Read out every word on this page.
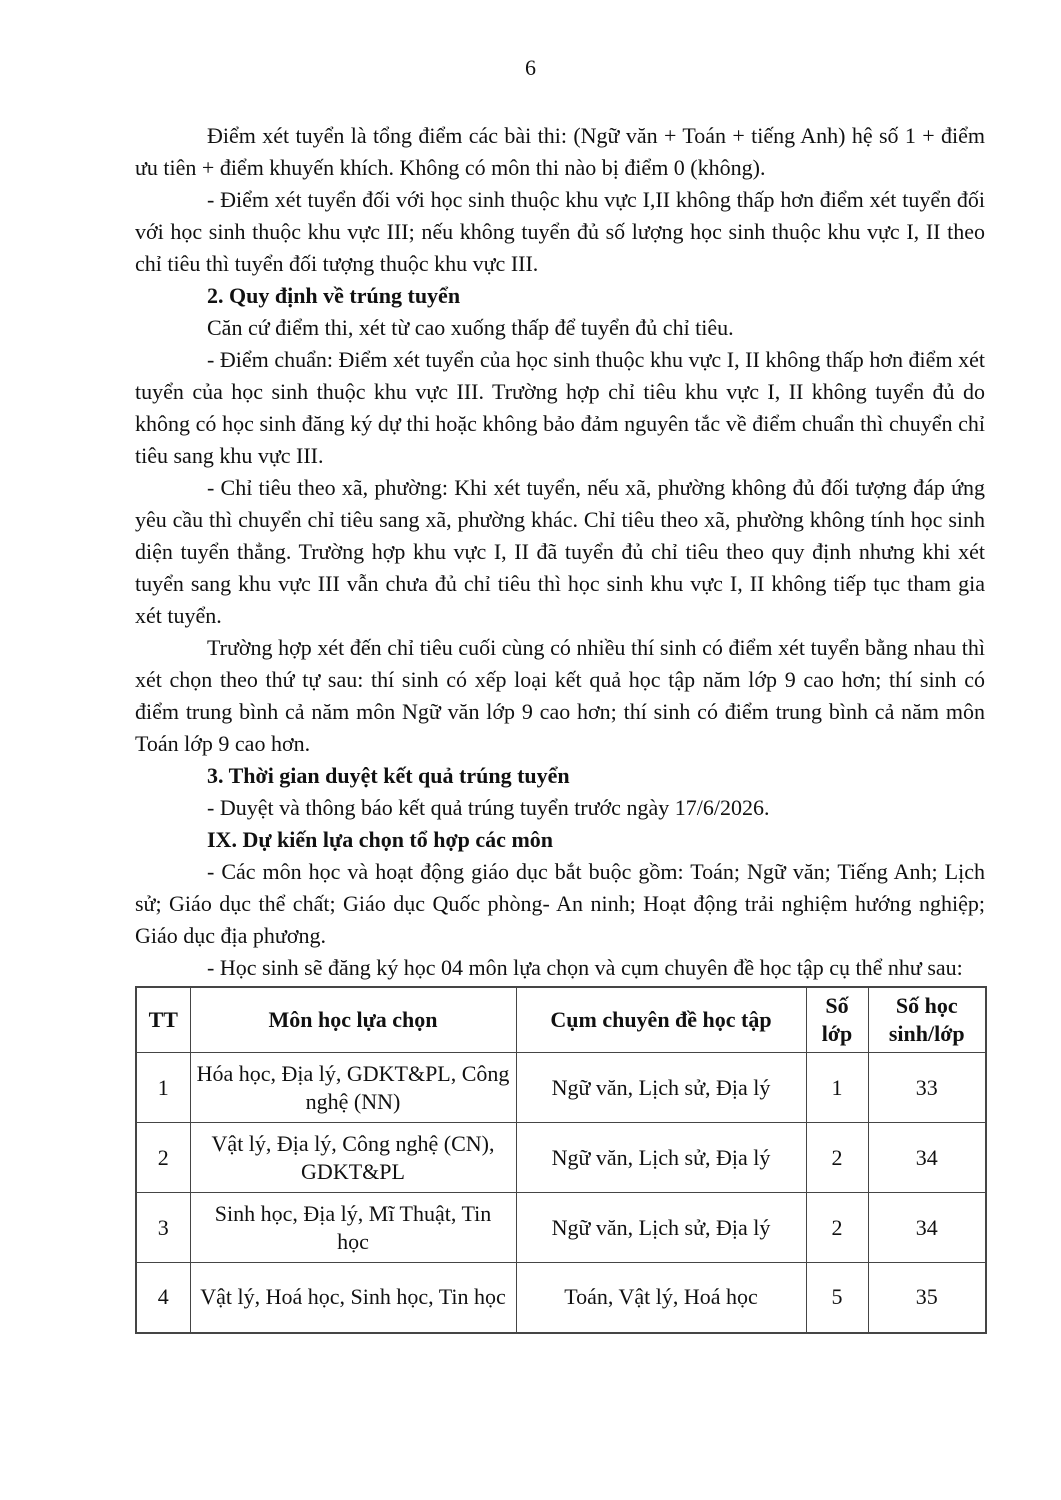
6

Điểm xét tuyển là tổng điểm các bài thi: (Ngữ văn + Toán + tiếng Anh) hệ số 1 + điểm ưu tiên + điểm khuyến khích. Không có môn thi nào bị điểm 0 (không).

- Điểm xét tuyển đối với học sinh thuộc khu vực I,II không thấp hơn điểm xét tuyển đối với học sinh thuộc khu vực III; nếu không tuyển đủ số lượng học sinh thuộc khu vực I, II theo chỉ tiêu thì tuyển đối tượng thuộc khu vực III.

2. Quy định về trúng tuyển

Căn cứ điểm thi, xét từ cao xuống thấp để tuyển đủ chỉ tiêu.

- Điểm chuẩn: Điểm xét tuyển của học sinh thuộc khu vực I, II không thấp hơn điểm xét tuyển của học sinh thuộc khu vực III. Trường hợp chỉ tiêu khu vực I, II không tuyển đủ do không có học sinh đăng ký dự thi hoặc không bảo đảm nguyên tắc về điểm chuẩn thì chuyển chỉ tiêu sang khu vực III.

- Chỉ tiêu theo xã, phường: Khi xét tuyển, nếu xã, phường không đủ đối tượng đáp ứng yêu cầu thì chuyển chỉ tiêu sang xã, phường khác. Chỉ tiêu theo xã, phường không tính học sinh diện tuyển thẳng. Trường hợp khu vực I, II đã tuyển đủ chỉ tiêu theo quy định nhưng khi xét tuyển sang khu vực III vẫn chưa đủ chỉ tiêu thì học sinh khu vực I, II không tiếp tục tham gia xét tuyển.

Trường hợp xét đến chỉ tiêu cuối cùng có nhiều thí sinh có điểm xét tuyển bằng nhau thì xét chọn theo thứ tự sau: thí sinh có xếp loại kết quả học tập năm lớp 9 cao hơn; thí sinh có điểm trung bình cả năm môn Ngữ văn lớp 9 cao hơn; thí sinh có điểm trung bình cả năm môn Toán lớp 9 cao hơn.

3. Thời gian duyệt kết quả trúng tuyển

- Duyệt và thông báo kết quả trúng tuyển trước ngày 17/6/2026.

IX. Dự kiến lựa chọn tổ hợp các môn

- Các môn học và hoạt động giáo dục bắt buộc gồm: Toán; Ngữ văn; Tiếng Anh; Lịch sử; Giáo dục thể chất; Giáo dục Quốc phòng- An ninh; Hoạt động trải nghiệm hướng nghiệp; Giáo dục địa phương.

- Học sinh sẽ đăng ký học 04 môn lựa chọn và cụm chuyên đề học tập cụ thể như sau:

TT	Môn học lựa chọn	Cụm chuyên đề học tập	Số lớp	Số học sinh/lớp
1	Hóa học, Địa lý, GDKT&PL, Công nghệ (NN)	Ngữ văn, Lịch sử, Địa lý	1	33
2	Vật lý, Địa lý, Công nghệ (CN), GDKT&PL	Ngữ văn, Lịch sử, Địa lý	2	34
3	Sinh học, Địa lý, Mĩ Thuật, Tin học	Ngữ văn, Lịch sử, Địa lý	2	34
4	Vật lý, Hoá học, Sinh học, Tin học	Toán, Vật lý, Hoá học	5	35
